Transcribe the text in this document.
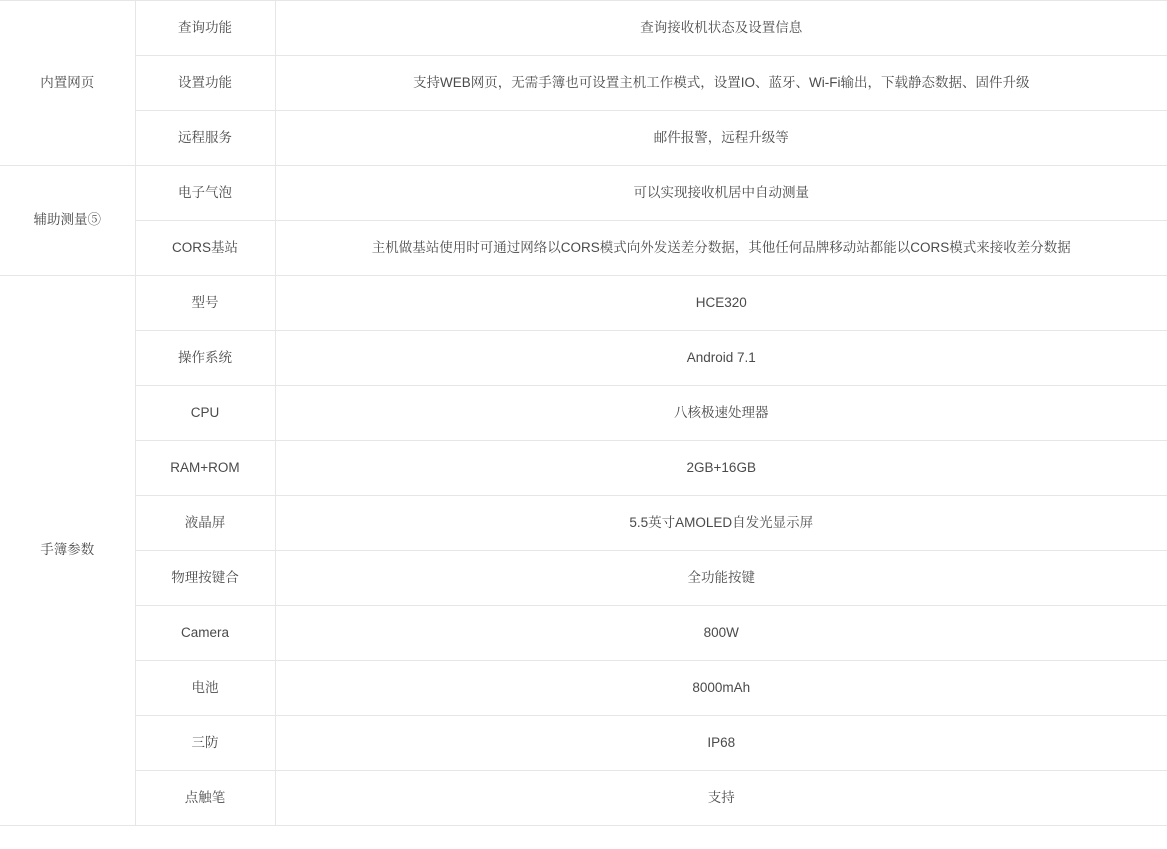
内置网页	查询功能	查询接收机状态及设置信息
	设置功能	支持WEB网页，无需手簿也可设置主机工作模式，设置IO、蓝牙、Wi-Fi输出，下载静态数据、固件升级
	远程服务	邮件报警，远程升级等
辅助测量⑤	电子气泡	可以实现接收机居中自动测量
	CORS基站	主机做基站使用时可通过网络以CORS模式向外发送差分数据，其他任何品牌移动站都能以CORS模式来接收差分数据
手簿参数	型号	HCE320
	操作系统	Android 7.1
	CPU	八核极速处理器
	RAM+ROM	2GB+16GB
	液晶屏	5.5英寸AMOLED自发光显示屏
	物理按键合	全功能按键
	Camera	800W
	电池	8000mAh
	三防	IP68
	点触笔	支持
